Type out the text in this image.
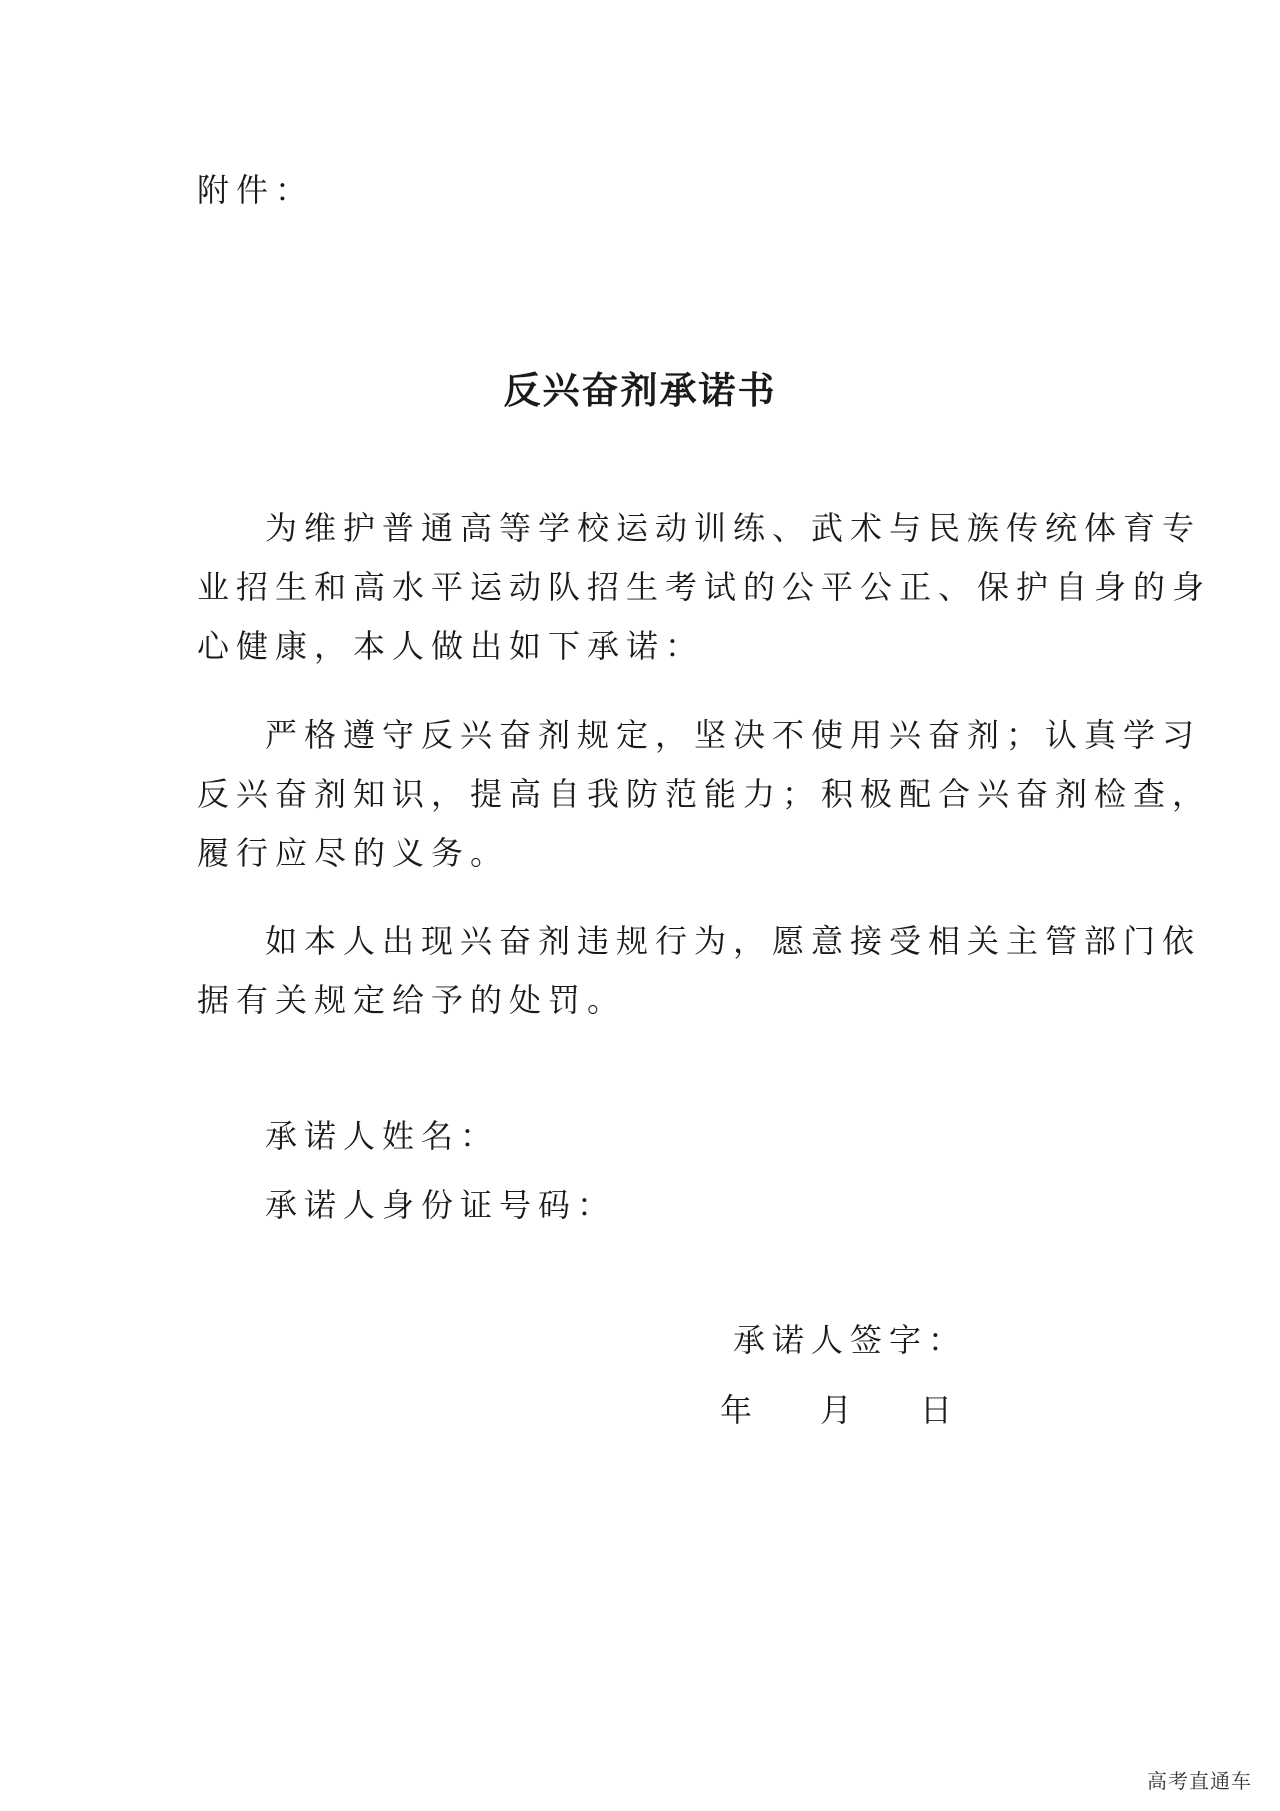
附件：

反兴奋剂承诺书

为维护普通高等学校运动训练、武术与民族传统体育专

业招生和高水平运动队招生考试的公平公正、保护自身的身

心健康，本人做出如下承诺：

严格遵守反兴奋剂规定，坚决不使用兴奋剂；认真学习

反兴奋剂知识，提高自我防范能力；积极配合兴奋剂检查，

履行应尽的义务。

如本人出现兴奋剂违规行为，愿意接受相关主管部门依

据有关规定给予的处罚。

承诺人姓名：

承诺人身份证号码：

承诺人签字：

年 月 日

高考直通车
